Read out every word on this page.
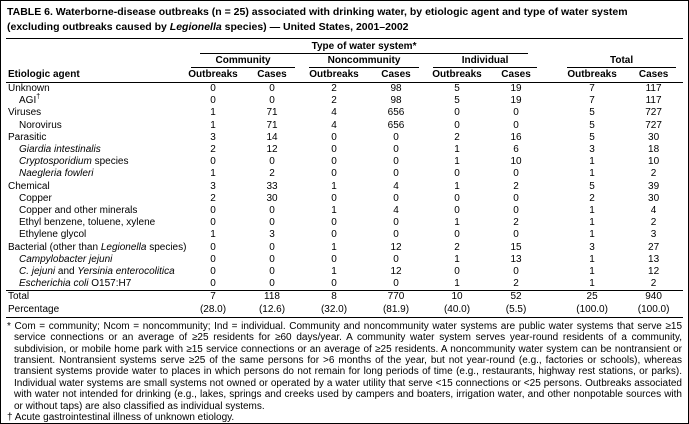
TABLE 6. Waterborne-disease outbreaks (n = 25) associated with drinking water, by etiologic agent and type of water system (excluding outbreaks caused by Legionella species) — United States, 2001–2002

	Type of water system*								

	Community		Noncommunity		Individual			Total	

Etiologic agent	Outbreaks	Cases	Outbreaks	Cases	Outbreaks	Cases		Outbreaks	Cases
Unknown	0	0	2	98	5	19		7	117
AGI†	0	0	2	98	5	19		7	117
Viruses	1	71	4	656	0	0		5	727
Norovirus	1	71	4	656	0	0		5	727
Parasitic	3	14	0	0	2	16		5	30
Giardia intestinalis	2	12	0	0	1	6		3	18
Cryptosporidium species	0	0	0	0	1	10		1	10
Naegleria fowleri	1	2	0	0	0	0		1	2
Chemical	3	33	1	4	1	2		5	39
Copper	2	30	0	0	0	0		2	30
Copper and other minerals	0	0	1	4	0	0		1	4
Ethyl benzene, toluene, xylene	0	0	0	0	1	2		1	2
Ethylene glycol	1	3	0	0	0	0		1	3
Bacterial (other than Legionella species)	0	0	1	12	2	15		3	27
Campylobacter jejuni	0	0	0	0	1	13		1	13
C. jejuni and Yersinia enterocolitica	0	0	1	12	0	0		1	12
Escherichia coli O157:H7	0	0	0	0	1	2		1	2
Total	7	118	8	770	10	52		25	940
Percentage	(28.0)	(12.6)	(32.0)	(81.9)	(40.0)	(5.5)		(100.0)	(100.0)
* Com = community; Ncom = noncommunity; Ind = individual. Community and noncommunity water systems are public water systems that serve ≥15 service connections or an average of ≥25 residents for ≥60 days/year. A community water system serves year-round residents of a community, subdivision, or mobile home park with ≥15 service connections or an average of ≥25 residents. A noncommunity water system can be nontransient or transient. Nontransient systems serve ≥25 of the same persons for >6 months of the year, but not year-round (e.g., factories or schools), whereas transient systems provide water to places in which persons do not remain for long periods of time (e.g., restaurants, highway rest stations, or parks). Individual water systems are small systems not owned or operated by a water utility that serve <15 connections or <25 persons. Outbreaks associated with water not intended for drinking (e.g., lakes, springs and creeks used by campers and boaters, irrigation water, and other nonpotable sources with or without taps) are also classified as individual systems.
† Acute gastrointestinal illness of unknown etiology.
